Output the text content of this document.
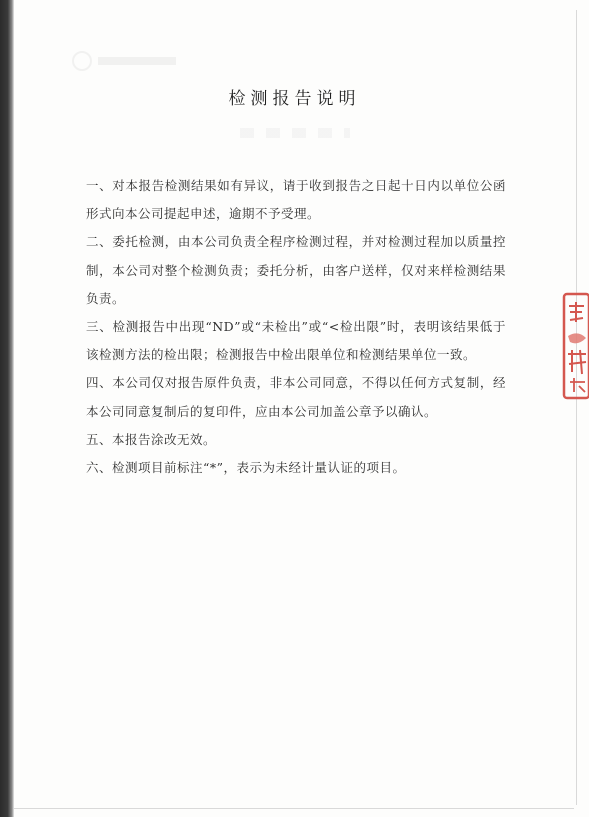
检测报告说明

一、对本报告检测结果如有异议，请于收到报告之日起十日内以单位公函形式向本公司提起申述，逾期不予受理。

二、委托检测，由本公司负责全程序检测过程，并对检测过程加以质量控制，本公司对整个检测负责；委托分析，由客户送样，仅对来样检测结果负责。

三、检测报告中出现“ND”或“未检出”或“<检出限”时，表明该结果低于该检测方法的检出限；检测报告中检出限单位和检测结果单位一致。

四、本公司仅对报告原件负责，非本公司同意，不得以任何方式复制，经本公司同意复制后的复印件，应由本公司加盖公章予以确认。

五、本报告涂改无效。

六、检测项目前标注“*”，表示为未经计量认证的项目。
